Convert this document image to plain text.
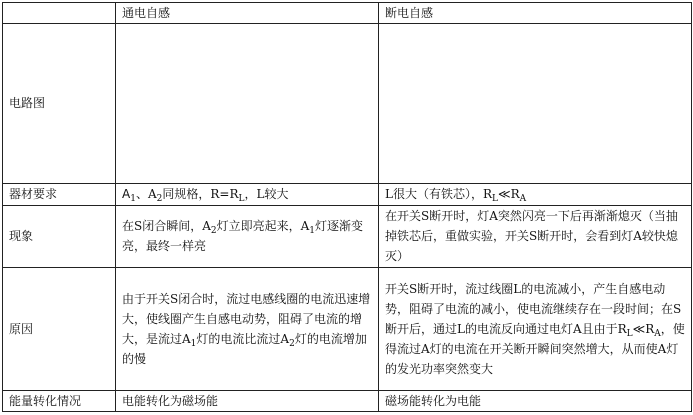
	通电自感	断电自感
电路图		
器材要求	$A_1$、$A_2$同规格，$R=R_L$，L较大	L很大（有铁芯），$R_L≪R_A$
现象	在S闭合瞬间，$A_2$灯立即亮起来，$A_1$灯逐渐变亮，最终一样亮	在开关S断开时，灯A突然闪亮一下后再渐渐熄灭（当抽掉铁芯后，重做实验，开关S断开时，会看到灯A较快熄灭）
原因	由于开关S闭合时，流过电感线圈的电流迅速增大，使线圈产生自感电动势，阻碍了电流的增大，是流过$A_1$灯的电流比流过$A_2$灯的电流增加的慢	开关S断开时，流过线圈L的电流减小，产生自感电动势，阻碍了电流的减小，使电流继续存在一段时间；在S断开后，通过L的电流反向通过电灯A且由于$R_L≪R_A$，使得流过A灯的电流在开关断开瞬间突然增大，从而使A灯的发光功率突然变大
能量转化情况	电能转化为磁场能	磁场能转化为电能
